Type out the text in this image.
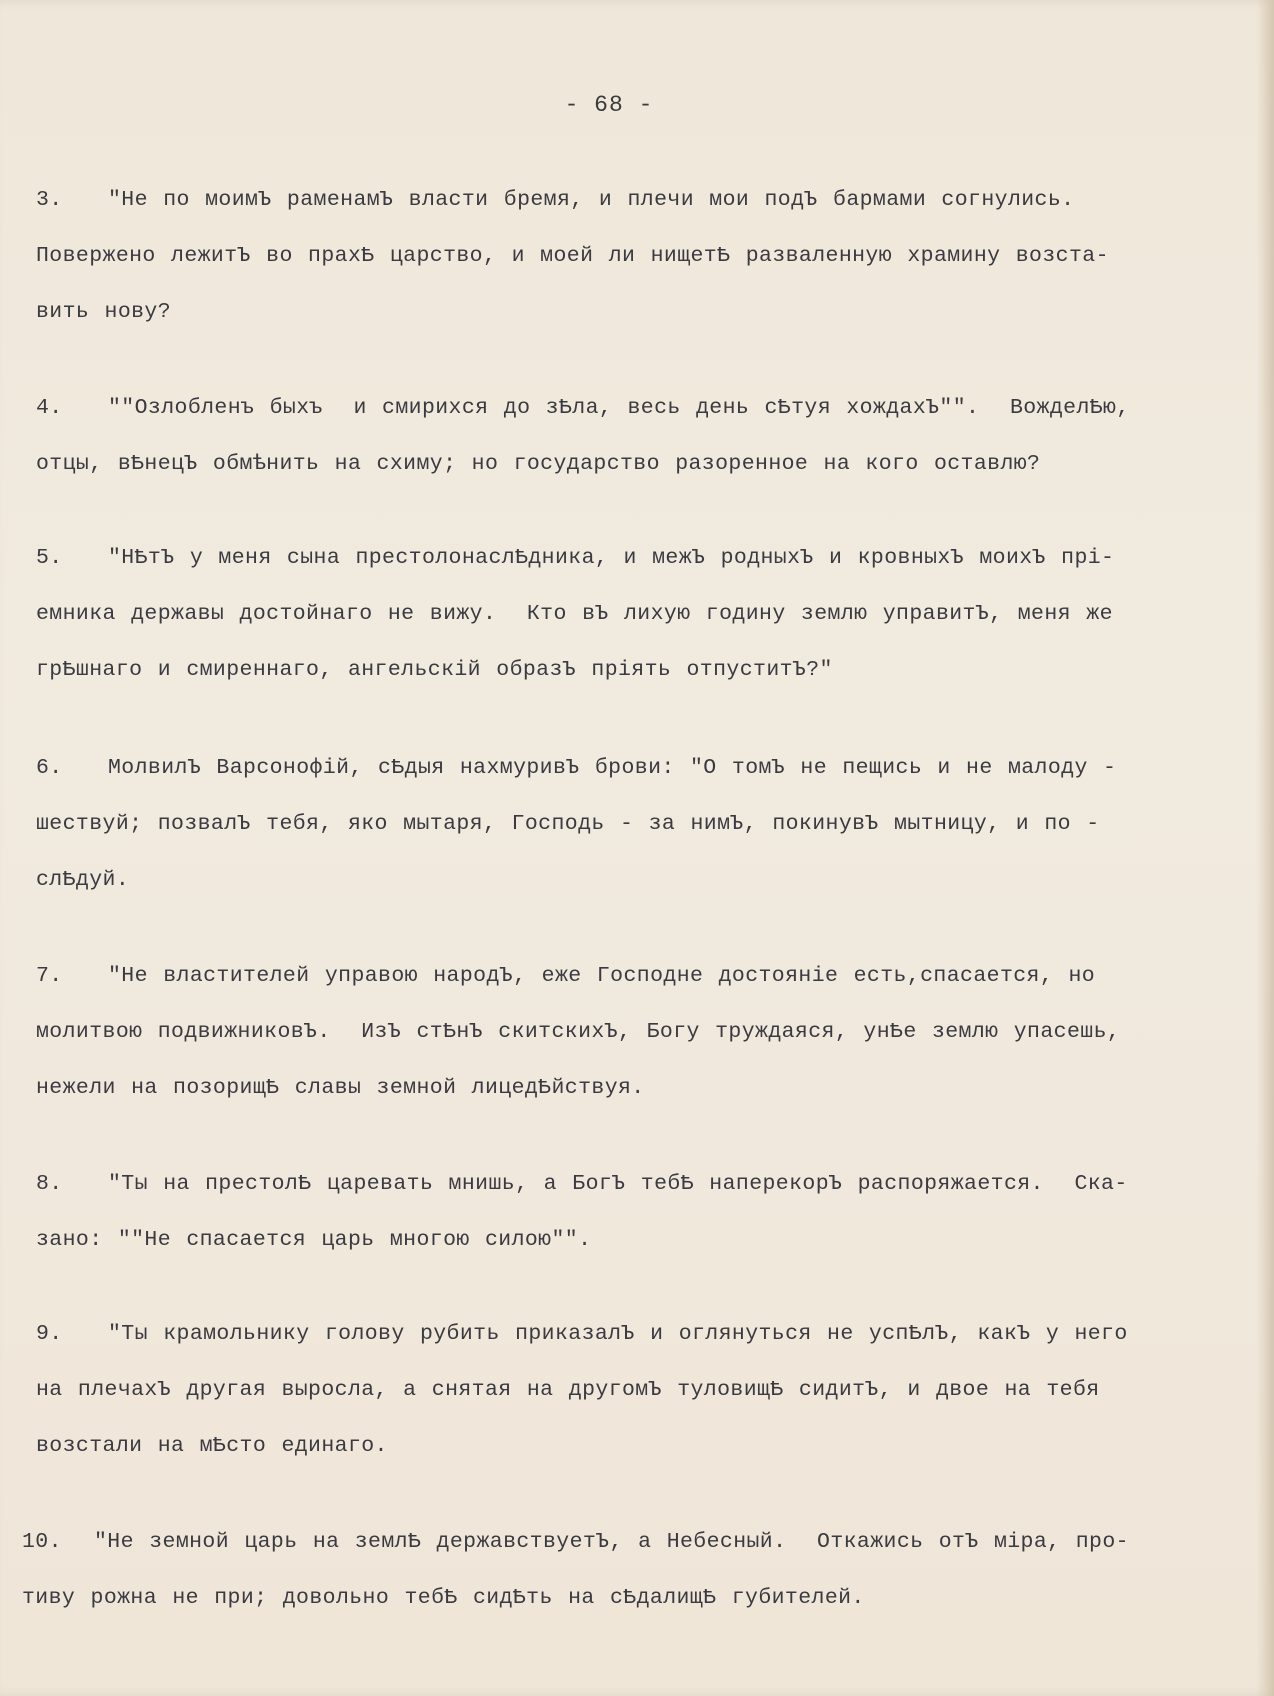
- 68 -
3. "Не по моимЪ раменамЪ власти бремя, и плечи мои подЪ бармами согнулись.
Повержено лежитЪ во прахѢ царство, и моей ли нищетѢ разваленную храмину возста-
вить нову?
4. ""Озлобленъ быхъ  и смирихся до зѢла, весь день сѢтуя хождахЪ"".  ВожделѢю,
отцы, вѢнецЪ обмѣнить на схиму; но государство разоренное на кого оставлю?
5. "НѢтЪ у меня сына престолонаслѢдника, и межЪ родныхЪ и кровныхЪ моихЪ прi-
емника державы достойнаго не вижу.  Кто вЪ лихую годину землю управитЪ, меня же
грѢшнаго и смиреннаго, ангельскiй образЪ прiять отпуститЪ?"
6. МолвилЪ Варсонофiй, сѢдыя нахмуривЪ брови: "О томЪ не пещись и не малоду -
шествуй; позвалЪ тебя, яко мытаря, Господь - за нимЪ, покинувЪ мытницу, и по -
слѢдуй.
7. "Не властителей управою народЪ, еже Господне достоянiе есть,спасается, но
молитвою подвижниковЪ.  ИзЪ стѢнЪ скитскихЪ, Богу труждаяся, унѢе землю упасешь,
нежели на позорищѢ славы земной лицедѢйствуя.
8. "Ты на престолѢ царевать мнишь, а БогЪ тебѢ наперекорЪ распоряжается.  Ска-
зано: ""Не спасается царь многою силою"".
9. "Ты крамольнику голову рубить приказалЪ и оглянуться не успѢлЪ, какЪ у него
на плечахЪ другая выросла, а снятая на другомЪ туловищѢ сидитЪ, и двое на тебя
возстали на мѢсто единаго.
10. "Не земной царь на землѢ державствуетЪ, а Небесный.  Откажись отЪ мiра, про-
тиву рожна не при; довольно тебѢ сидѢть на сѢдалищѢ губителей.
